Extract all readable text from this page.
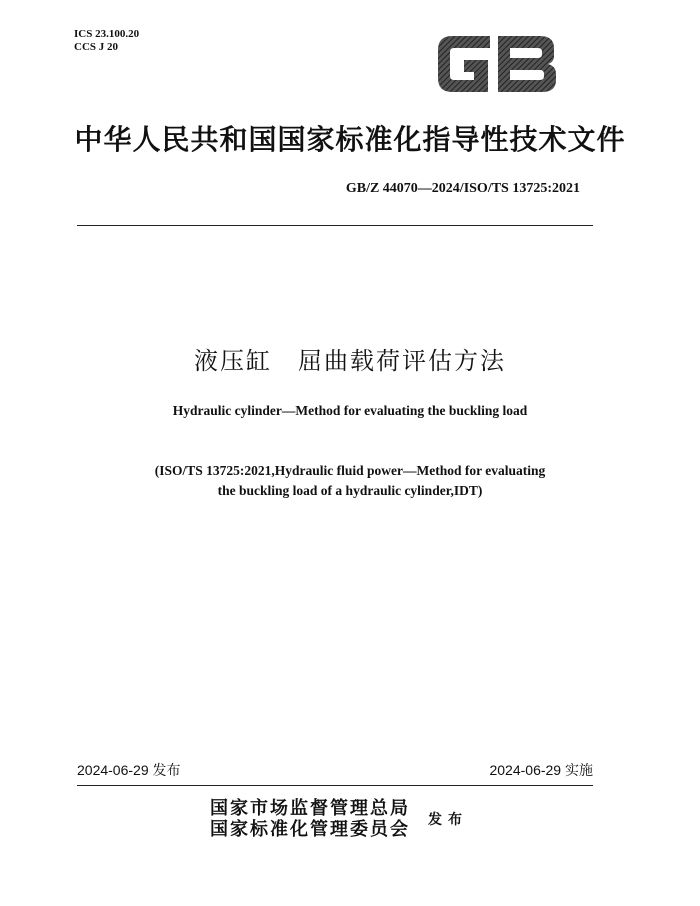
ICS 23.100.20
CCS J 20
中华人民共和国国家标准化指导性技术文件
GB/Z 44070—2024/ISO/TS 13725:2021
液压缸　屈曲载荷评估方法
Hydraulic cylinder—Method for evaluating the buckling load
(ISO/TS 13725:2021,Hydraulic fluid power—Method for evaluating
the buckling load of a hydraulic cylinder,IDT)
2024-06-29 发布	2024-06-29 实施
国家市场监督管理总局
国家标准化管理委员会 发布
